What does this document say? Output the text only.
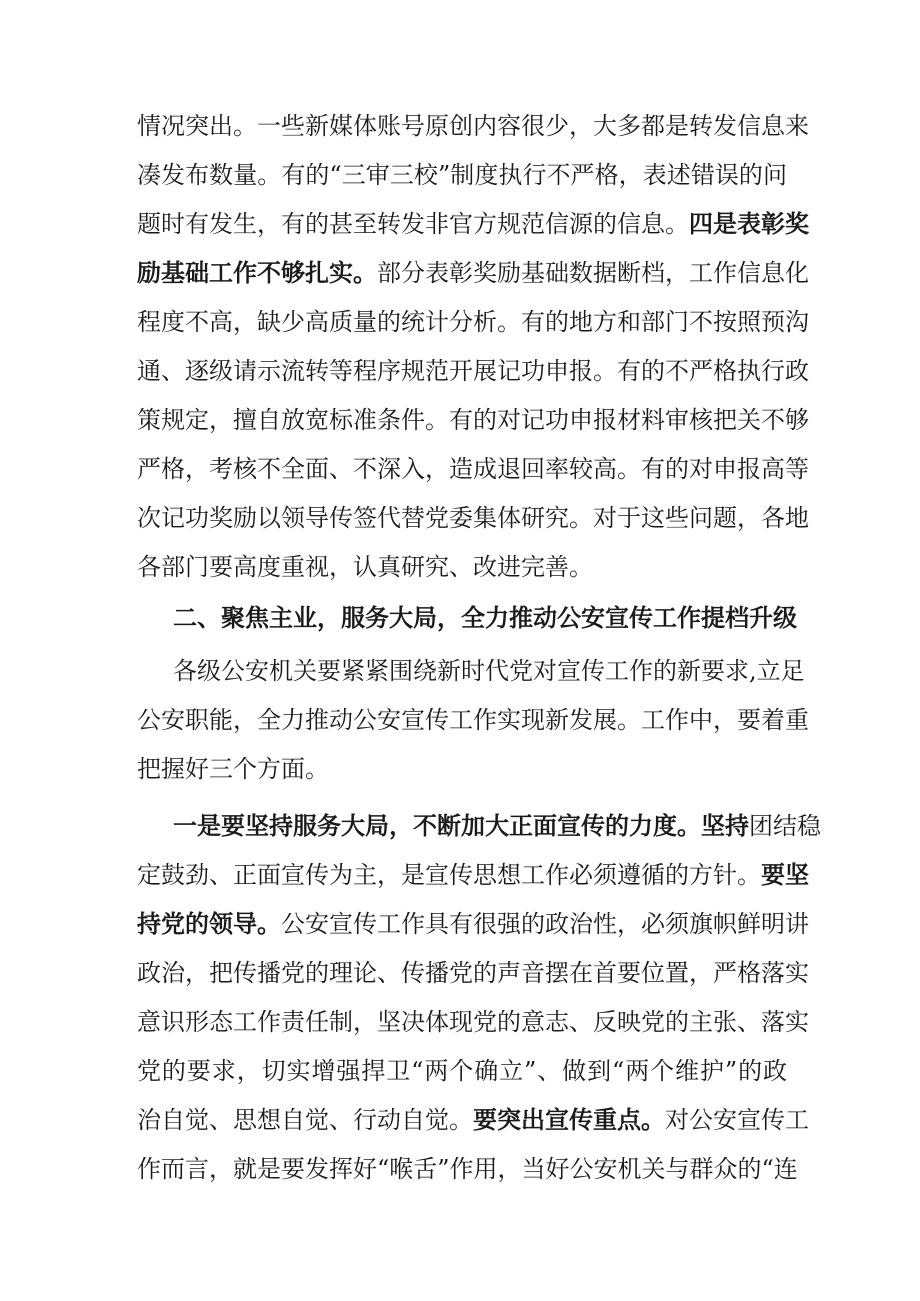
情况突出。一些新媒体账号原创内容很少，大多都是转发信息来
凑发布数量。有的“三审三校”制度执行不严格，表述错误的问
题时有发生，有的甚至转发非官方规范信源的信息。四是表彰奖
励基础工作不够扎实。部分表彰奖励基础数据断档，工作信息化
程度不高，缺少高质量的统计分析。有的地方和部门不按照预沟
通、逐级请示流转等程序规范开展记功申报。有的不严格执行政
策规定，擅自放宽标准条件。有的对记功申报材料审核把关不够
严格，考核不全面、不深入，造成退回率较高。有的对申报高等
次记功奖励以领导传签代替党委集体研究。对于这些问题，各地
各部门要高度重视，认真研究、改进完善。
二、聚焦主业，服务大局，全力推动公安宣传工作提档升级
各级公安机关要紧紧围绕新时代党对宣传工作的新要求,立足
公安职能，全力推动公安宣传工作实现新发展。工作中，要着重
把握好三个方面。
一是要坚持服务大局，不断加大正面宣传的力度。坚持团结稳
定鼓劲、正面宣传为主，是宣传思想工作必须遵循的方针。要坚
持党的领导。公安宣传工作具有很强的政治性，必须旗帜鲜明讲
政治，把传播党的理论、传播党的声音摆在首要位置，严格落实
意识形态工作责任制，坚决体现党的意志、反映党的主张、落实
党的要求，切实增强捍卫“两个确立”、做到“两个维护”的政
治自觉、思想自觉、行动自觉。要突出宣传重点。对公安宣传工
作而言，就是要发挥好“喉舌”作用，当好公安机关与群众的“连
